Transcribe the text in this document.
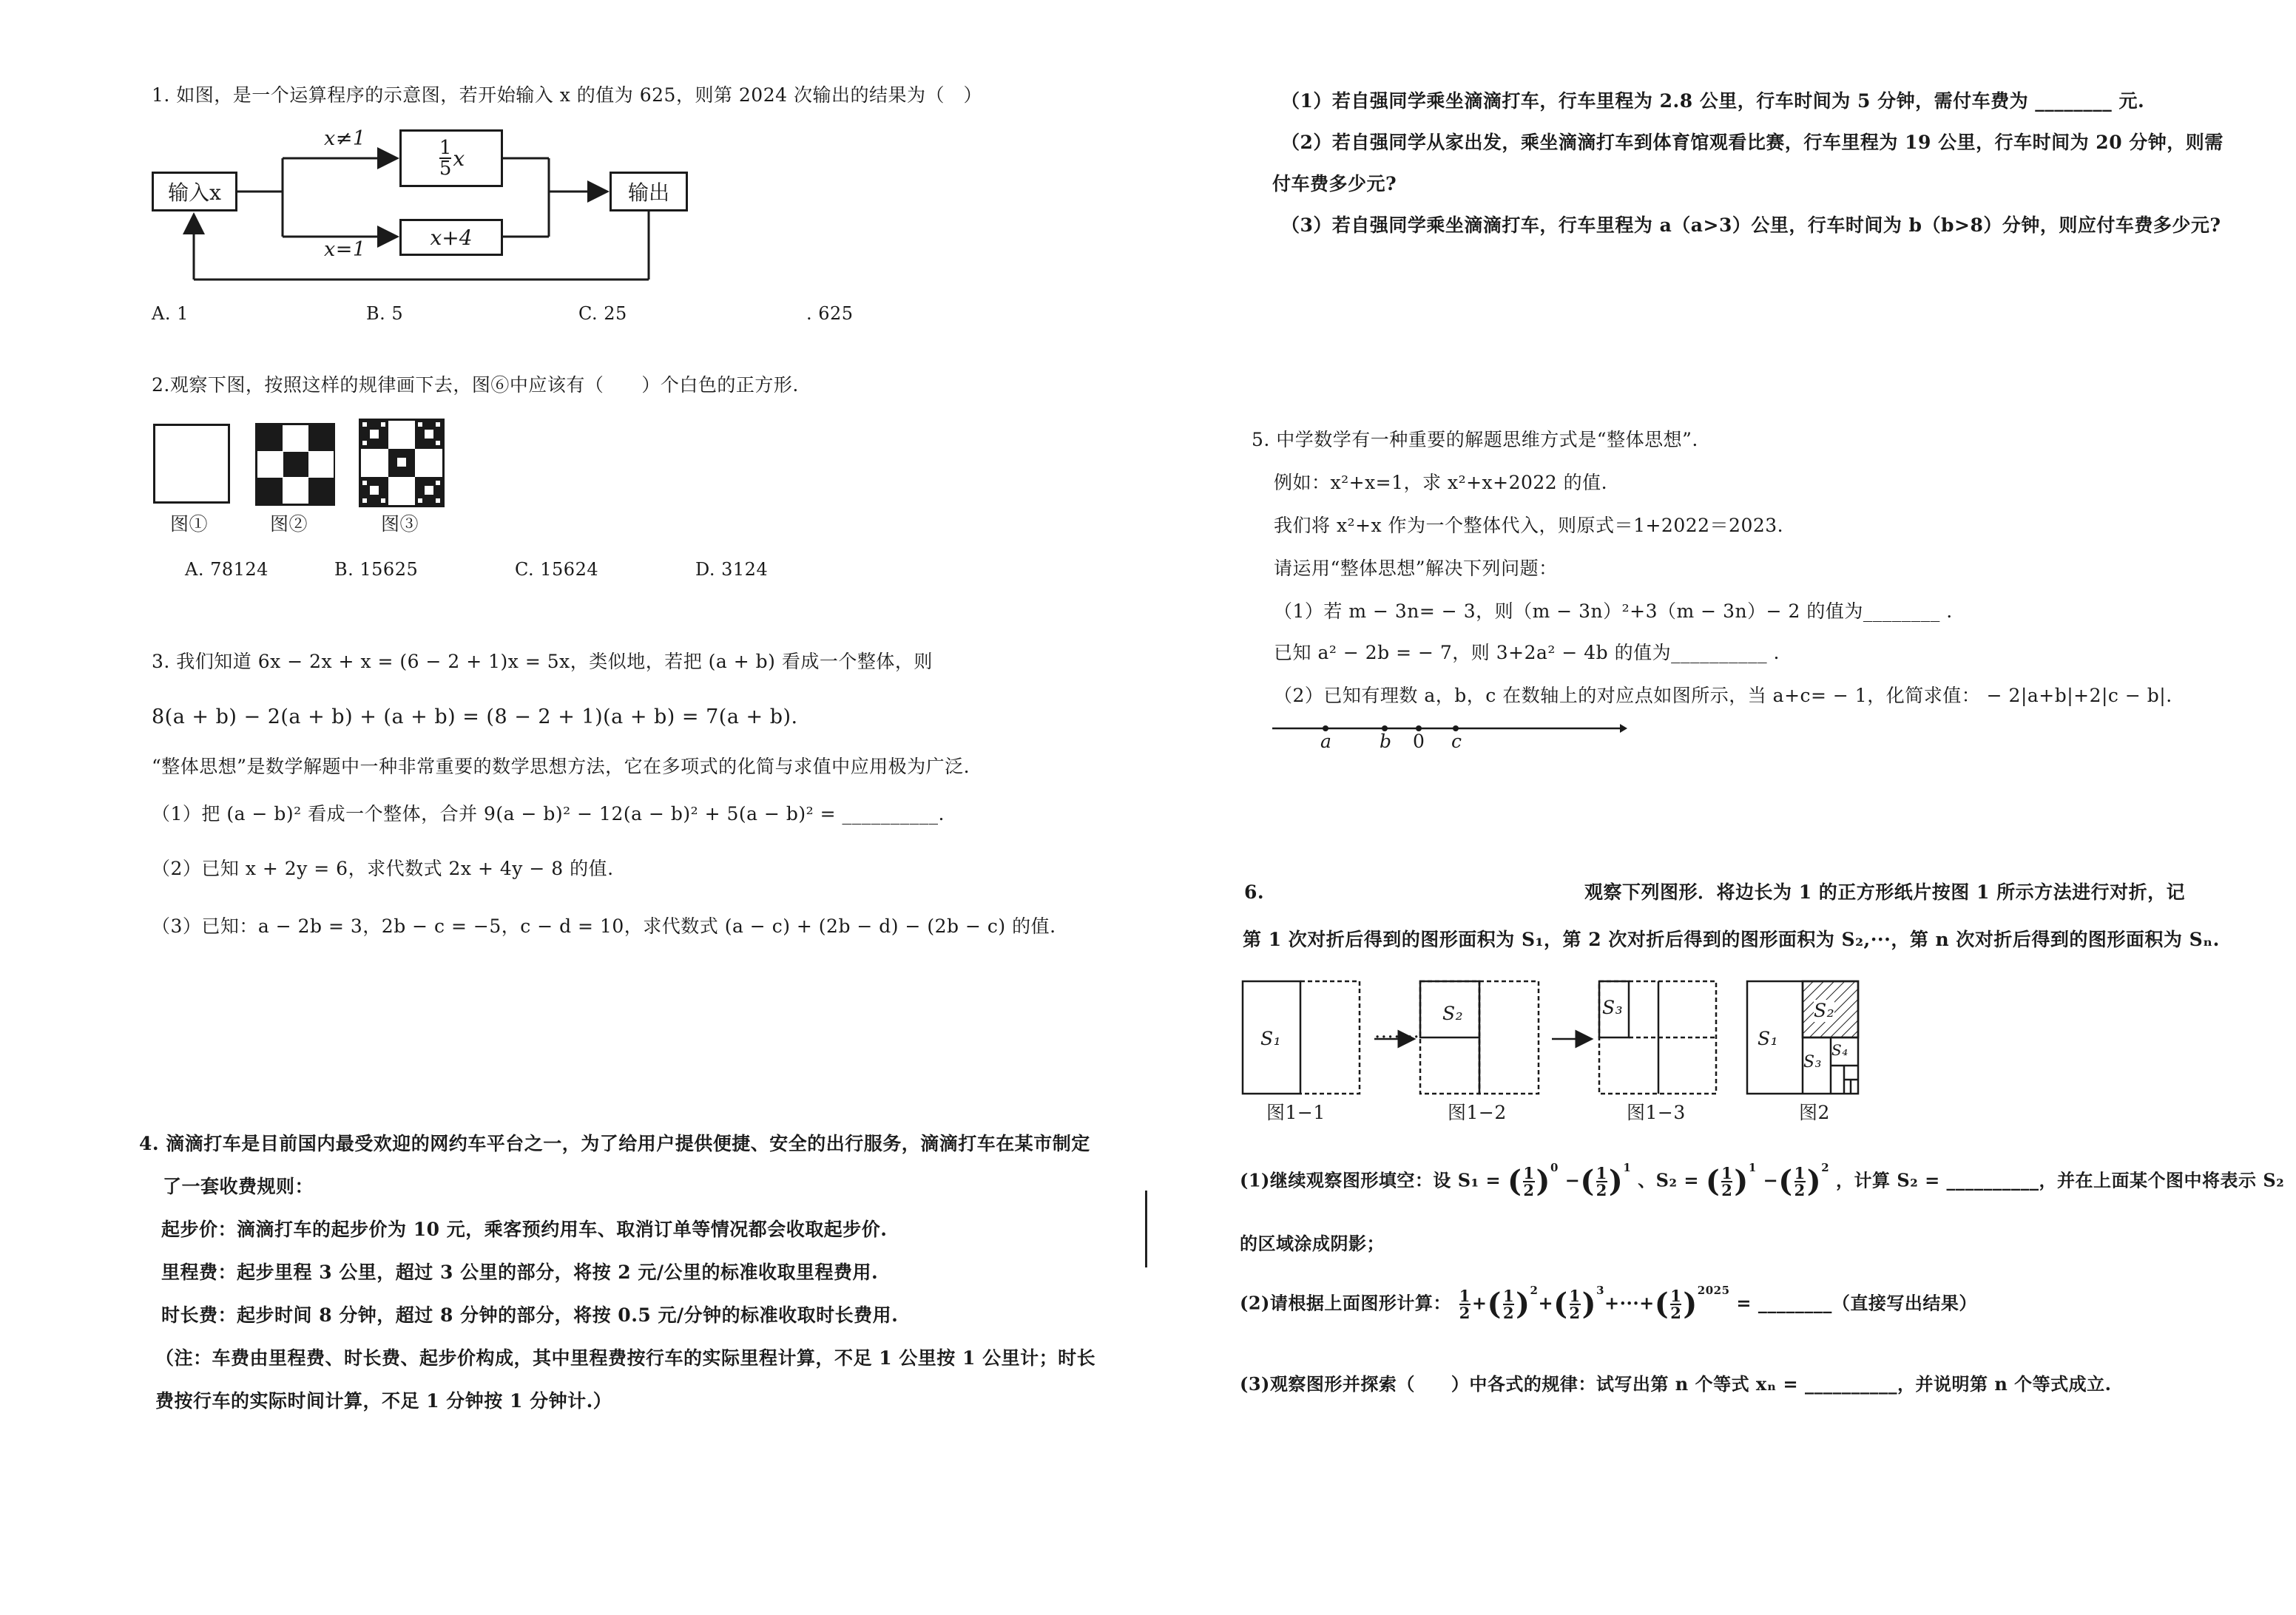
1. 如图，是一个运算程序的示意图，若开始输入 x 的值为 625，则第 2024 次输出的结果为（　）
输入x
$\frac{1}{5}$ x
x+4
输出
x≠1
x=1
A. 1	B. 5	C. 25	. 625
2.观察下图，按照这样的规律画下去，图⑥中应该有（　　）个白色的正方形.
图①	图②	图③
A. 78124	B. 15625	C. 15624	D. 3124
3. 我们知道 6x − 2x + x = (6 − 2 + 1)x = 5x，类似地，若把 (a + b) 看成一个整体，则
8(a + b) − 2(a + b) + (a + b) = (8 − 2 + 1)(a + b) = 7(a + b).
“整体思想”是数学解题中一种非常重要的数学思想方法，它在多项式的化简与求值中应用极为广泛.
（1）把 (a − b)² 看成一个整体，合并 9(a − b)² − 12(a − b)² + 5(a − b)² = __________.
（2）已知 x + 2y = 6，求代数式 2x + 4y − 8 的值.
（3）已知：a − 2b = 3，2b − c = −5，c − d = 10，求代数式 (a − c) + (2b − d) − (2b − c) 的值.
4. 滴滴打车是目前国内最受欢迎的网约车平台之一，为了给用户提供便捷、安全的出行服务，滴滴打车在某市制定
了一套收费规则：
起步价：滴滴打车的起步价为 10 元，乘客预约用车、取消订单等情况都会收取起步价.
里程费：起步里程 3 公里，超过 3 公里的部分，将按 2 元/公里的标准收取里程费用.
时长费：起步时间 8 分钟，超过 8 分钟的部分，将按 0.5 元/分钟的标准收取时长费用.
（注：车费由里程费、时长费、起步价构成，其中里程费按行车的实际里程计算，不足 1 公里按 1 公里计；时长
费按行车的实际时间计算，不足 1 分钟按 1 分钟计.）
（1）若自强同学乘坐滴滴打车，行车里程为 2.8 公里，行车时间为 5 分钟，需付车费为 ________ 元.
（2）若自强同学从家出发，乘坐滴滴打车到体育馆观看比赛，行车里程为 19 公里，行车时间为 20 分钟，则需
付车费多少元?
（3）若自强同学乘坐滴滴打车，行车里程为 a（a>3）公里，行车时间为 b（b>8）分钟，则应付车费多少元?
5. 中学数学有一种重要的解题思维方式是“整体思想”.
例如：x²+x=1，求 x²+x+2022 的值.
我们将 x²+x 作为一个整体代入，则原式＝1+2022＝2023.
请运用“整体思想”解决下列问题：
（1）若 m − 3n= − 3，则（m − 3n）²+3（m − 3n）− 2 的值为________ .
已知 a² − 2b = − 7，则 3+2a² − 4b 的值为__________ .
（2）已知有理数 a，b，c 在数轴上的对应点如图所示，当 a+c= − 1，化简求值： − 2|a+b|+2|c − b|.
a	b 0 c
6.	观察下列图形．将边长为 1 的正方形纸片按图 1 所示方法进行对折，记
第 1 次对折后得到的图形面积为 S₁，第 2 次对折后得到的图形面积为 S₂,···，第 n 次对折后得到的图形面积为 Sₙ.
·······
S₁
S₂	S₃
S₁
S₂
S₃
S₄
图1−1	图1−2	图1−3	图2
(1)继续观察图形填空：设 S₁ = ( $\frac{1}{2} )^0$ −( $\frac{1}{2} )^1$ 、S₂ = ( $\frac{1}{2} )^1$ −( $\frac{1}{2} )^2$ ，计算 S₂ = __________，并在上面某个图中将表示 S₂
的区域涂成阴影；
(2)请根据上面图形计算： $\frac{1}{2}$ +( $\frac{1}{2} )^2+( \frac{1}{2} )^3+\cdot\cdot\cdot+( \frac{1}{2} )^{2025}$ = ________（直接写出结果）
(3)观察图形并探索（　　）中各式的规律：试写出第 n 个等式 xₙ = __________，并说明第 n 个等式成立.
